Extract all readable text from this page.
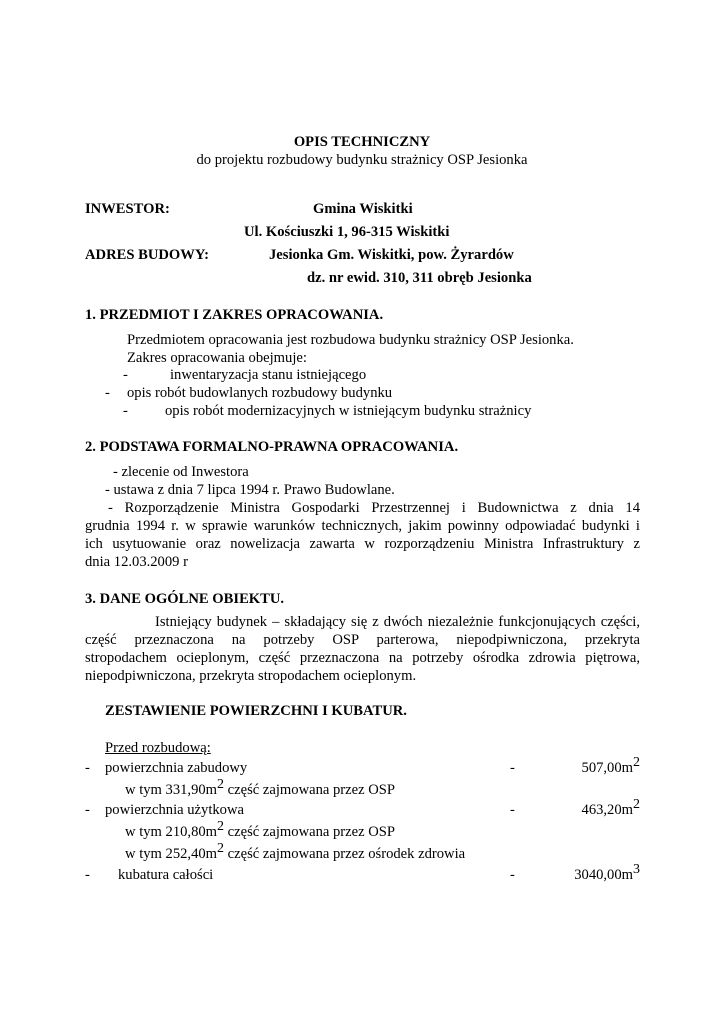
OPIS TECHNICZNY
do projektu rozbudowy budynku strażnicy OSP Jesionka
INWESTOR:	Gmina Wiskitki
Ul. Kościuszki 1, 96-315 Wiskitki
ADRES BUDOWY:	Jesionka Gm. Wiskitki, pow. Żyrardów
dz. nr ewid. 310, 311 obręb Jesionka
1. PRZEDMIOT I ZAKRES OPRACOWANIA.
Przedmiotem opracowania jest rozbudowa budynku strażnicy OSP Jesionka.
Zakres opracowania obejmuje:
-	inwentaryzacja stanu istniejącego
- opis robót budowlanych rozbudowy budynku
-	opis robót modernizacyjnych w istniejącym budynku strażnicy
2. PODSTAWA FORMALNO-PRAWNA OPRACOWANIA.
- zlecenie od Inwestora
- ustawa z dnia 7 lipca 1994 r. Prawo Budowlane.
- Rozporządzenie Ministra Gospodarki Przestrzennej i Budownictwa z dnia 14
grudnia 1994 r. w sprawie warunków technicznych, jakim powinny odpowiadać budynki i
ich usytuowanie oraz nowelizacja zawarta w rozporządzeniu Ministra Infrastruktury z
dnia 12.03.2009 r
3. DANE OGÓLNE OBIEKTU.
Istniejący budynek – składający się z dwóch niezależnie funkcjonujących części,
część przeznaczona na potrzeby OSP parterowa, niepodpiwniczona, przekryta
stropodachem ocieplonym, część przeznaczona na potrzeby ośrodka zdrowia piętrowa,
niepodpiwniczona, przekryta stropodachem ocieplonym.
ZESTAWIENIE POWIERZCHNI I KUBATUR.
Przed rozbudową:
- powierzchnia zabudowy	-	$507,00m^2$
w tym $331,90m^2$ część zajmowana przez OSP
- powierzchnia użytkowa	-	$463,20m^2$
w tym $210,80m^2$ część zajmowana przez OSP
w tym $252,40m^2$ część zajmowana przez ośrodek zdrowia
- kubatura całości	-	$3040,00m^3$
